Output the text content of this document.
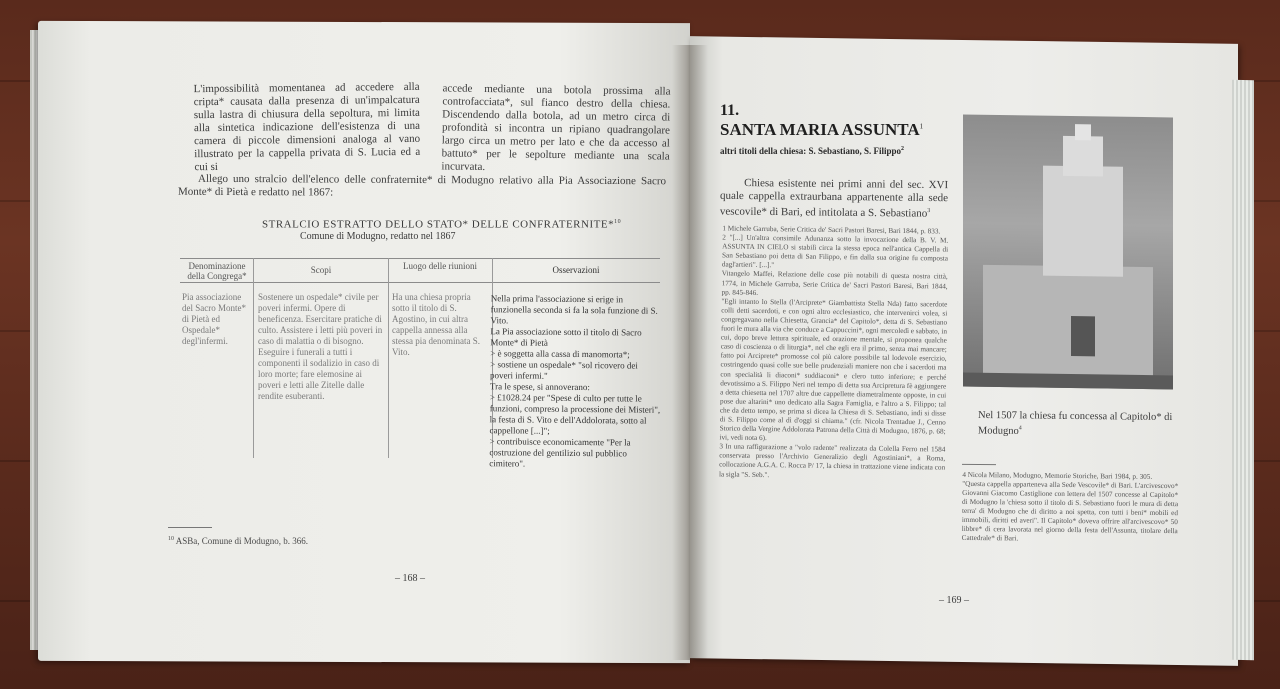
L'impossibilità momentanea ad accedere alla cripta* causata dalla presenza di un'impalcatura sulla lastra di chiusura della sepoltura, mi limita alla sintetica indicazione dell'esistenza di una camera di piccole dimensioni analoga al vano illustrato per la cappella privata di S. Lucia ed a cui si
accede mediante una botola prossima alla controfacciata*, sul fianco destro della chiesa. Discendendo dalla botola, ad un metro circa di profondità si incontra un ripiano quadrangolare largo circa un metro per lato e che da accesso al battuto* per le sepolture mediante una scala incurvata.
Allego uno stralcio dell'elenco delle confraternite* di Modugno relativo alla Pia Associazione Sacro Monte* di Pietà e redatto nel 1867:
STRALCIO ESTRATTO DELLO STATO* DELLE CONFRATERNITE*$^{10}$
Comune di Modugno, redatto nel 1867
Denominazione della Congrega*
Scopi	Luogo delle riunioni	Osservazioni
Pia associazione del Sacro Monte* di Pietà ed Ospedale* degl'infermi.
Sostenere un ospedale* civile per poveri infermi. Opere di beneficenza. Esercitare pratiche di culto. Assistere i letti più poveri in caso di malattia o di bisogno. Eseguire i funerali a tutti i componenti il sodalizio in caso di loro morte; fare elemosine ai poveri e letti alle Zitelle dalle rendite esuberanti.
Ha una chiesa propria sotto il titolo di S. Agostino, in cui altra cappella annessa alla stessa pia denominata S. Vito.
Nella prima l'associazione si erige in funzionella seconda si fa la sola funzione di S. Vito.
La Pia associazione sotto il titolo di Sacro Monte* di Pietà
> è soggetta alla cassa di manomorta*;
> sostiene un ospedale* "sol ricovero dei poveri infermi."
Tra le spese, si annoverano:
> £1028.24 per "Spese di culto per tutte le funzioni, compreso la processione dei Misteri", la festa di S. Vito e dell'Addolorata, sotto al cappellone [...]";
> contribuisce economicamente "Per la costruzione del gentilizio sul pubblico cimitero".
$^{10}$ ASBa, Comune di Modugno, b. 366.
– 168 –
11.
SANTA MARIA ASSUNTA$^1$
altri titoli della chiesa: S. Sebastiano, S. Filippo$^2$
Chiesa esistente nei primi anni del sec. XVI quale cappella extraurbana appartenente alla sede vescovile* di Bari, ed intitolata a S. Sebastiano$^3$
1 Michele Garruba, Serie Critica de' Sacri Pastori Baresi, Bari 1844, p. 833.
2 "[...] Un'altra consimile Adunanza sotto la invocazione della B. V. M. ASSUNTA IN CIELO si stabilì circa la stessa epoca nell'antica Cappella di San Sebastiano poi detta di San Filippo, e fin dalla sua origine fu composta dagl'artieri". [...]."
Vitangelo Maffei, Relazione delle cose più notabili di questa nostra città, 1774, in Michele Garruba, Serie Critica de' Sacri Pastori Baresi, Bari 1844, pp. 845-846.
"Egli intanto lo Stella (l'Arciprete* Giambattista Stella Nda) fatto sacerdote colli detti sacerdoti, e con ogni altro ecclesiastico, che intervenirci volea, si congregavano nella Chiesetta, Grancia* del Capitolo*, detta di S. Sebastiano fuori le mura alla via che conduce a Cappuccini*, ogni mercoledì e sabbato, in cui, dopo breve lettura spirituale, ed orazione mentale, si proponea qualche caso di coscienza o di liturgia*, nel che egli era il primo, senza mai mancare; fatto poi Arciprete* promosse col più calore possibile tal lodevole esercizio, costringendo quasi colle sue belle prudenziali maniere non che i sacerdoti ma con specialità li diaconi* suddiaconi* e clero tutto inferiore; e perché devotissimo a S. Filippo Neri nel tempo di detta sua Arcipretura fè aggiungere a detta chiesetta nel 1707 altre due cappellette diametralmente opposte, in cui pose due altarini* uno dedicato alla Sagra Famiglia, e l'altro a S. Filippo; tal che da detto tempo, se prima si dicea la Chiesa di S. Sebastiano, indi si disse di S. Filippo come al dì d'oggi si chiama." (cfr. Nicola Trentadue J., Cenno Storico della Vergine Addolorata Patrona della Città di Modugno, 1876, p. 68; ivi, vedi nota 6).
3 In una raffigurazione a "volo radente" realizzata da Colella Ferro nel 1584 conservata presso l'Archivio Generalizio degli Agostiniani*, a Roma, collocazione A.G.A. C. Rocca P/ 17, la chiesa in trattazione viene indicata con la sigla "S. Seb.".
Nel 1507 la chiesa fu concessa al Capitolo* di Modugno$^4$
4 Nicola Milano, Modugno, Memorie Storiche, Bari 1984, p. 305.
"Questa cappella apparteneva alla Sede Vescovile* di Bari. L'arcivescovo* Giovanni Giacomo Castiglione con lettera del 1507 concesse al Capitolo* di Modugno la 'chiesa sotto il titolo di S. Sebastiano fuori le mura di detta terra' di Modugno che di diritto a noi spetta, con tutti i beni* mobili ed immobili, diritti ed averi". Il Capitolo* doveva offrire all'arcivescovo* 50 libbre* di cera lavorata nel giorno della festa dell'Assunta, titolare della Cattedrale* di Bari.
– 169 –
